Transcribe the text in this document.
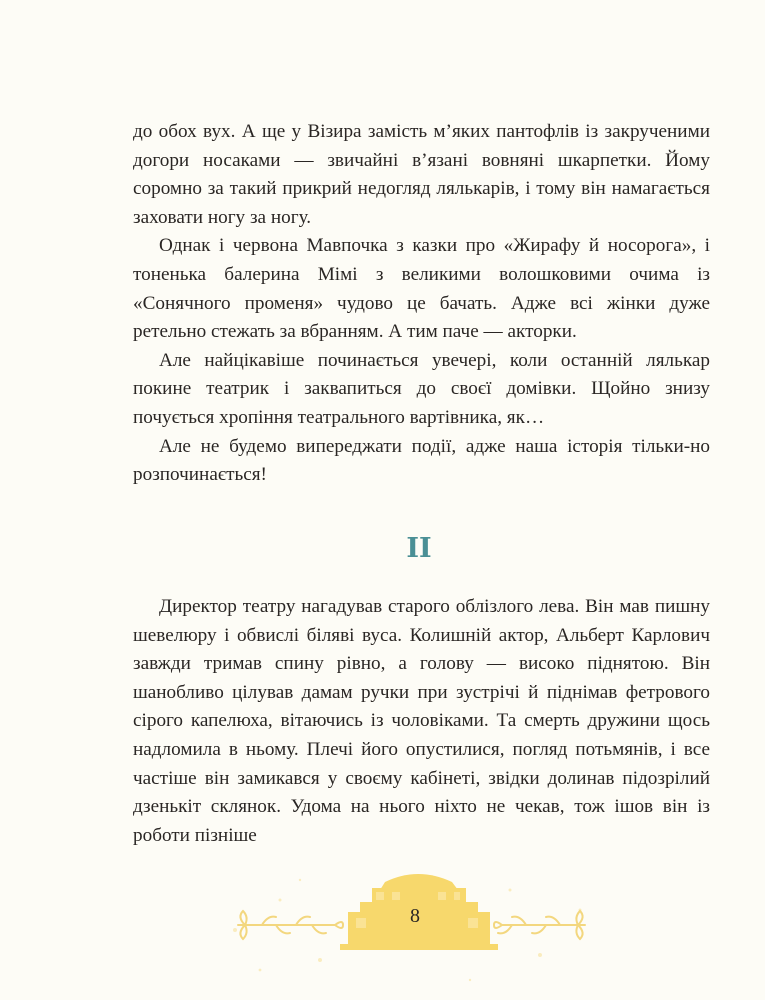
до обох вух. А ще у Візира замість м’яких пантофлів із закрученими догори носаками — звичайні в’язані вовняні шкарпетки. Йому соромно за такий прикрий недогляд лялькарів, і тому він намагається заховати ногу за ногу.

Однак і червона Мавпочка з казки про «Жирафу й носорога», і тоненька балерина Мімі з великими волошковими очима із «Сонячного променя» чудово це бачать. Адже всі жінки дуже ретельно стежать за вбранням. А тим паче — акторки.

Але найцікавіше починається увечері, коли останній лялькар покине театрик і заквапиться до своєї домівки. Щойно знизу почується хропіння театрального вартівника, як…

Але не будемо випереджати події, адже наша історія тільки-но розпочинається!

II

Директор театру нагадував старого облізлого лева. Він мав пишну шевелюру і обвислі біляві вуса. Колишній актор, Альберт Карлович завжди тримав спину рівно, а голову — високо піднятою. Він шанобливо цілував дамам ручки при зустрічі й піднімав фетрового сірого капелюха, вітаючись із чоловіками. Та смерть дружини щось надломила в ньому. Плечі його опустилися, погляд потьмянів, і все частіше він замикався у своєму кабінеті, звідки долинав підозрілий дзенькіт склянок. Удома на нього ніхто не чекав, тож ішов він із роботи пізніше

8
